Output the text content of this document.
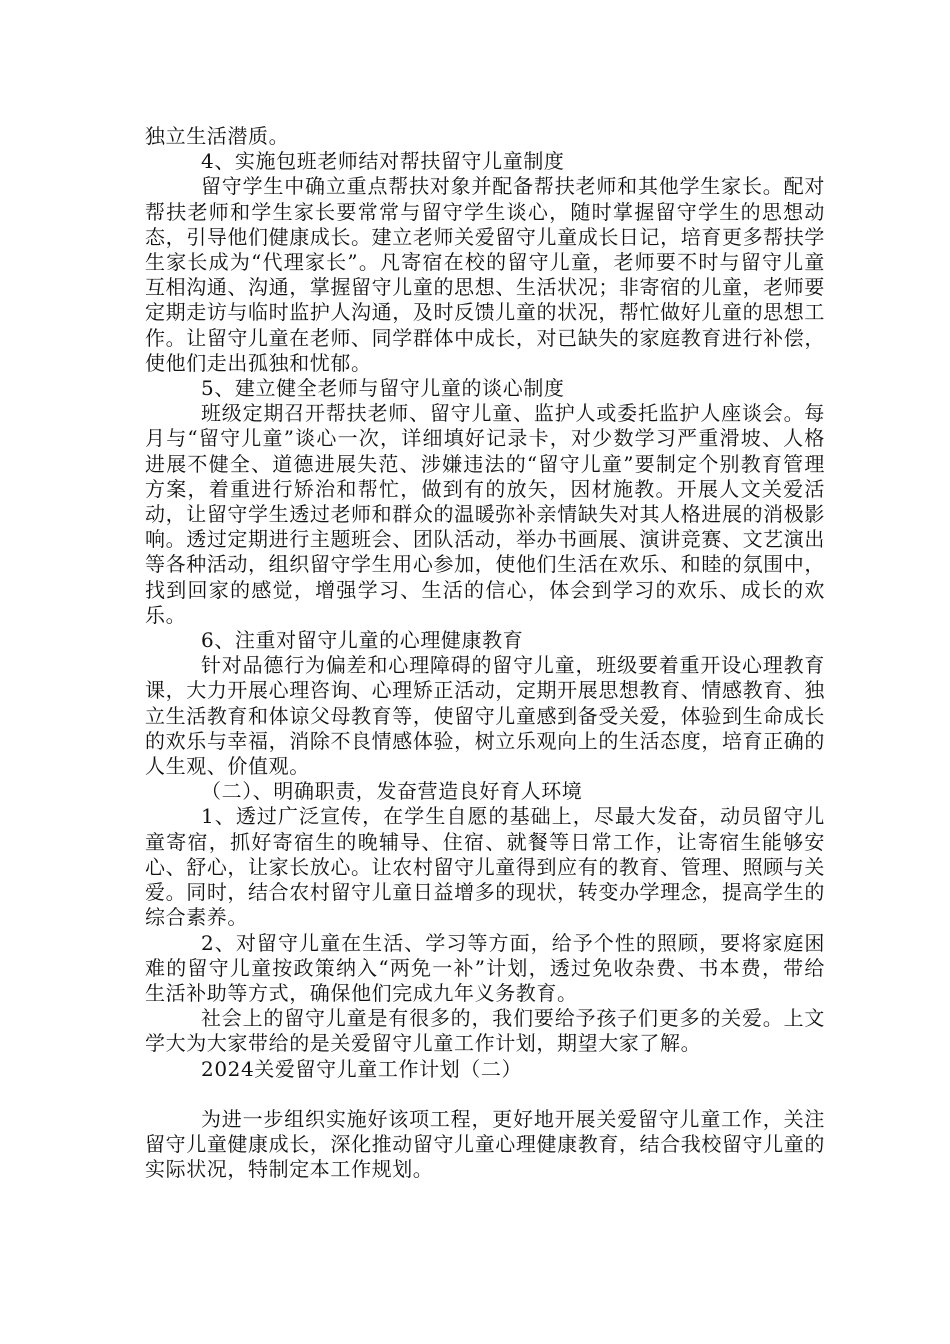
独立生活潜质。

4、实施包班老师结对帮扶留守儿童制度

留守学生中确立重点帮扶对象并配备帮扶老师和其他学生家长。配对帮扶老师和学生家长要常常与留守学生谈心，随时掌握留守学生的思想动态，引导他们健康成长。建立老师关爱留守儿童成长日记，培育更多帮扶学生家长成为“代理家长”。凡寄宿在校的留守儿童，老师要不时与留守儿童互相沟通、沟通，掌握留守儿童的思想、生活状况；非寄宿的儿童，老师要定期走访与临时监护人沟通，及时反馈儿童的状况，帮忙做好儿童的思想工作。让留守儿童在老师、同学群体中成长，对已缺失的家庭教育进行补偿，使他们走出孤独和忧郁。

5、建立健全老师与留守儿童的谈心制度

班级定期召开帮扶老师、留守儿童、监护人或委托监护人座谈会。每月与“留守儿童”谈心一次，详细填好记录卡，对少数学习严重滑坡、人格进展不健全、道德进展失范、涉嫌违法的“留守儿童”要制定个别教育管理方案，着重进行矫治和帮忙，做到有的放矢，因材施教。开展人文关爱活动，让留守学生透过老师和群众的温暖弥补亲情缺失对其人格进展的消极影响。透过定期进行主题班会、团队活动，举办书画展、演讲竞赛、文艺演出等各种活动，组织留守学生用心参加，使他们生活在欢乐、和睦的氛围中，找到回家的感觉，增强学习、生活的信心，体会到学习的欢乐、成长的欢乐。

6、注重对留守儿童的心理健康教育

针对品德行为偏差和心理障碍的留守儿童，班级要着重开设心理教育课，大力开展心理咨询、心理矫正活动，定期开展思想教育、情感教育、独立生活教育和体谅父母教育等，使留守儿童感到备受关爱，体验到生命成长的欢乐与幸福，消除不良情感体验，树立乐观向上的生活态度，培育正确的人生观、价值观。

（二）、明确职责，发奋营造良好育人环境

1、透过广泛宣传，在学生自愿的基础上，尽最大发奋，动员留守儿童寄宿，抓好寄宿生的晚辅导、住宿、就餐等日常工作，让寄宿生能够安心、舒心，让家长放心。让农村留守儿童得到应有的教育、管理、照顾与关爱。同时，结合农村留守儿童日益增多的现状，转变办学理念，提高学生的综合素养。

2、对留守儿童在生活、学习等方面，给予个性的照顾，要将家庭困难的留守儿童按政策纳入“两免一补”计划，透过免收杂费、书本费，带给生活补助等方式，确保他们完成九年义务教育。

社会上的留守儿童是有很多的，我们要给予孩子们更多的关爱。上文学大为大家带给的是关爱留守儿童工作计划，期望大家了解。

2024关爱留守儿童工作计划（二）

为进一步组织实施好该项工程，更好地开展关爱留守儿童工作，关注留守儿童健康成长，深化推动留守儿童心理健康教育，结合我校留守儿童的实际状况，特制定本工作规划。
